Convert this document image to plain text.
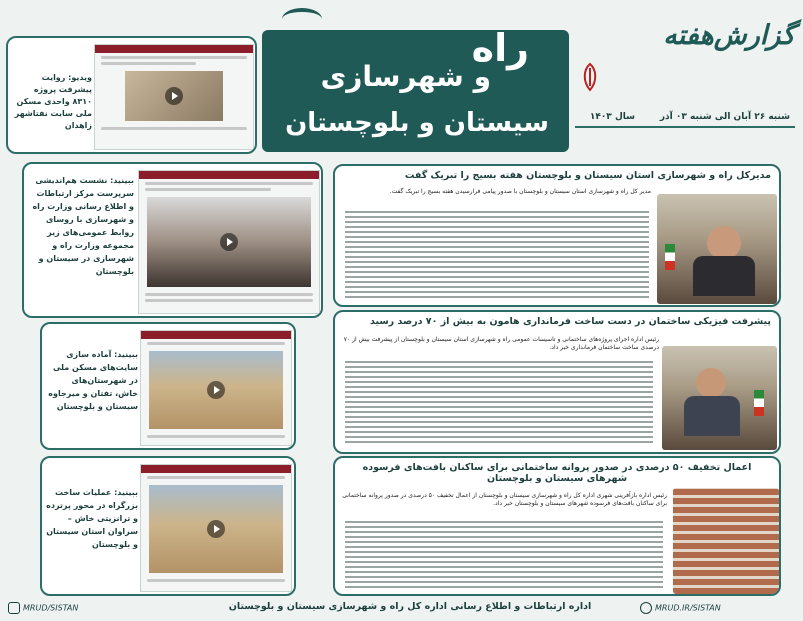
گزارش‌هفته
شنبه ۲۶ آبان الی شنبه ۰۳ آذر
سال ۱۴۰۳
راه
و شهرسازی
سیستان و بلوچستان
مدیرکل راه و شهرسازی استان سیستان و بلوچستان هفته بسیج را تبریک گفت
مدیر کل راه و شهرسازی استان سیستان و بلوچستان با صدور پیامی فرارسیدن هفته بسیج را تبریک گفت.
پیشرفت فیزیکی ساختمان در دست ساخت فرمانداری هامون به بیش از ۷۰ درصد رسید
رئیس اداره اجرای پروژه‌های ساختمانی و تاسیسات عمومی راه و شهرسازی استان سیستان و بلوچستان از پیشرفت بیش از ۷۰ درصدی ساخت ساختمان فرمانداری خبر داد.
اعمال تخفیف ۵۰ درصدی در صدور پروانه ساختمانی برای ساکنان بافت‌های فرسوده شهرهای سیستان و بلوچستان
رئیس اداره بازآفرینی شهری اداره کل راه و شهرسازی سیستان و بلوچستان از اعمال تخفیف ۵۰ درصدی در صدور پروانه ساختمانی برای ساکنان بافت‌های فرسوده شهرهای سیستان و بلوچستان خبر داد.
ویدیو: روایت پیشرفت پروژه ۸۳۱۰ واحدی مسکن ملی سایت نفتاشهر زاهدان
ببینید: نشست هم‌اندیشی سرپرست مرکز ارتباطات و اطلاع رسانی وزارت راه و شهرسازی با روسای روابط عمومی‌های زیر مجموعه وزارت راه و شهرسازی در سیستان و بلوچستان
ببینید: آماده سازی سایت‌های مسکن ملی در شهرستان‌های خاش، تفتان و میرجاوه سیستان و بلوچستان
ببینید: عملیات ساخت بزرگراه در محور پرترده و ترانزیتی خاش – سراوان استان سیستان و بلوچستان
MRUD/SISTAN	اداره ارتباطات و اطلاع رسانی اداره کل راه و شهرسازی سیستان و بلوچستان	MRUD.IR/SISTAN
